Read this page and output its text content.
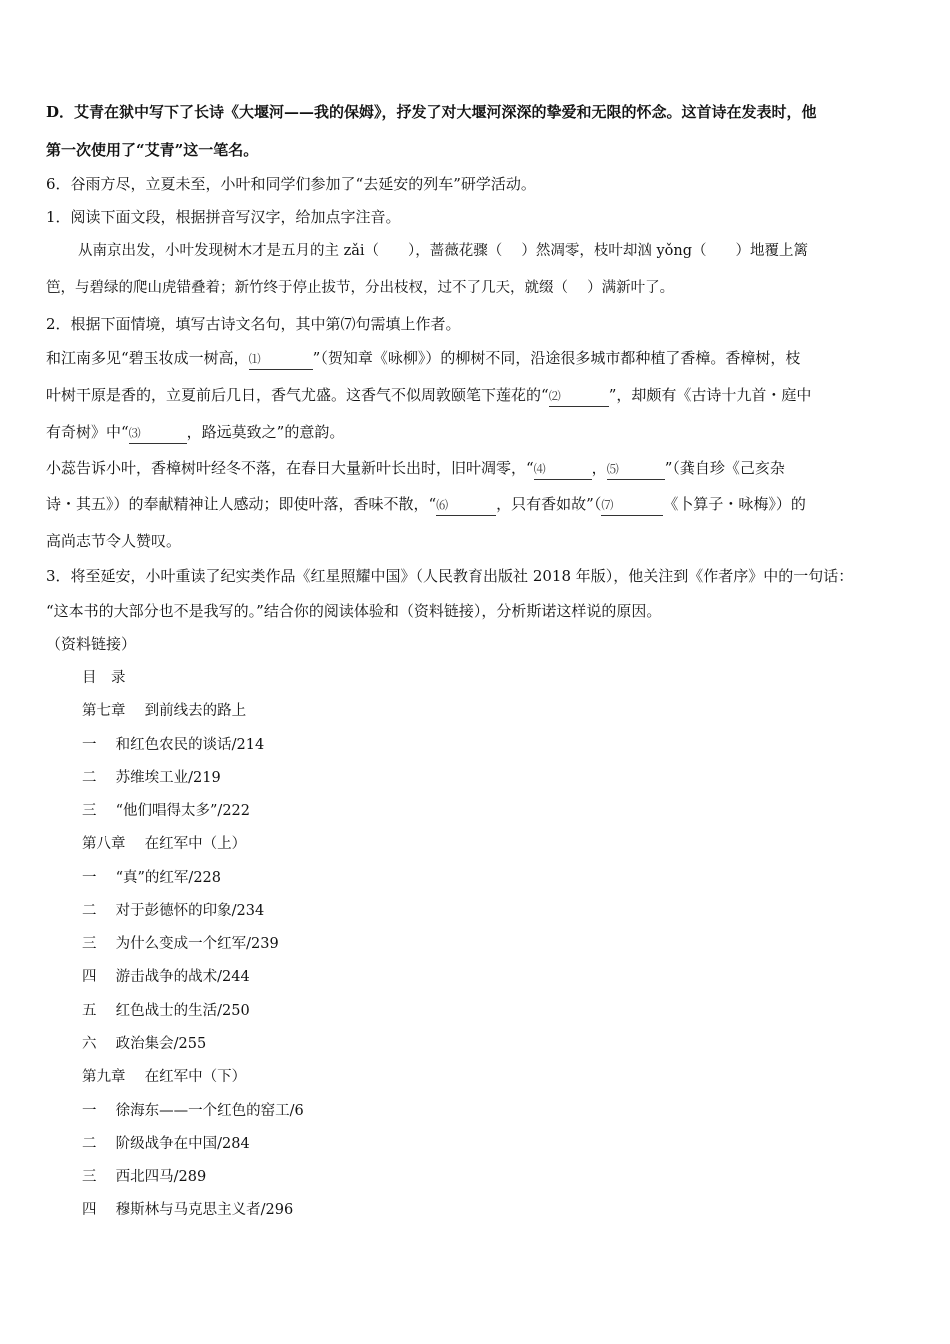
D．艾青在狱中写下了长诗《大堰河——我的保姆》，抒发了对大堰河深深的挚爱和无限的怀念。这首诗在发表时，他
第一次使用了“艾青”这一笔名。
6．谷雨方尽，立夏未至，小叶和同学们参加了“去延安的列车”研学活动。
1．阅读下面文段，根据拼音写汉字，给加点字注音。
从南京出发，小叶发现树木才是五月的主 zǎi（　　），蔷薇花骤（　 ）然凋零，枝叶却汹 yǒng（　　）地覆上篱
笆，与碧绿的爬山虎错叠着；新竹终于停止拔节，分出枝杈，过不了几天，就缀（　 ）满新叶了。
2．根据下面情境，填写古诗文名句，其中第⑺句需填上作者。
和江南多见“碧玉妆成一树高，⑴	”（贺知章《咏柳》）的柳树不同，沿途很多城市都种植了香樟。香樟树，枝
叶树干原是香的，立夏前后几日，香气尤盛。这香气不似周敦颐笔下莲花的“⑵	”，却颇有《古诗十九首・庭中
有奇树》中“⑶	，路远莫致之”的意韵。
小蕊告诉小叶，香樟树叶经冬不落，在春日大量新叶长出时，旧叶凋零，“⑷	，⑸	”（龚自珍《己亥杂
诗・其五》）的奉献精神让人感动；即使叶落，香味不散，“⑹	，只有香如故”（⑺	《卜算子・咏梅》）的
高尚志节令人赞叹。
3．将至延安，小叶重读了纪实类作品《红星照耀中国》（人民教育出版社 2018 年版），他关注到《作者序》中的一句话：
“这本书的大部分也不是我写的。”结合你的阅读体验和（资料链接），分析斯诺这样说的原因。
（资料链接）
目　录
第七章　 到前线去的路上
一　 和红色农民的谈话/214
二　 苏维埃工业/219
三　 “他们唱得太多”/222
第八章　 在红军中（上）
一　 “真”的红军/228
二　 对于彭德怀的印象/234
三　 为什么变成一个红军/239
四　 游击战争的战术/244
五　 红色战士的生活/250
六　 政治集会/255
第九章　 在红军中（下）
一　 徐海东——一个红色的窑工/6
二　 阶级战争在中国/284
三　 西北四马/289
四　 穆斯林与马克思主义者/296
